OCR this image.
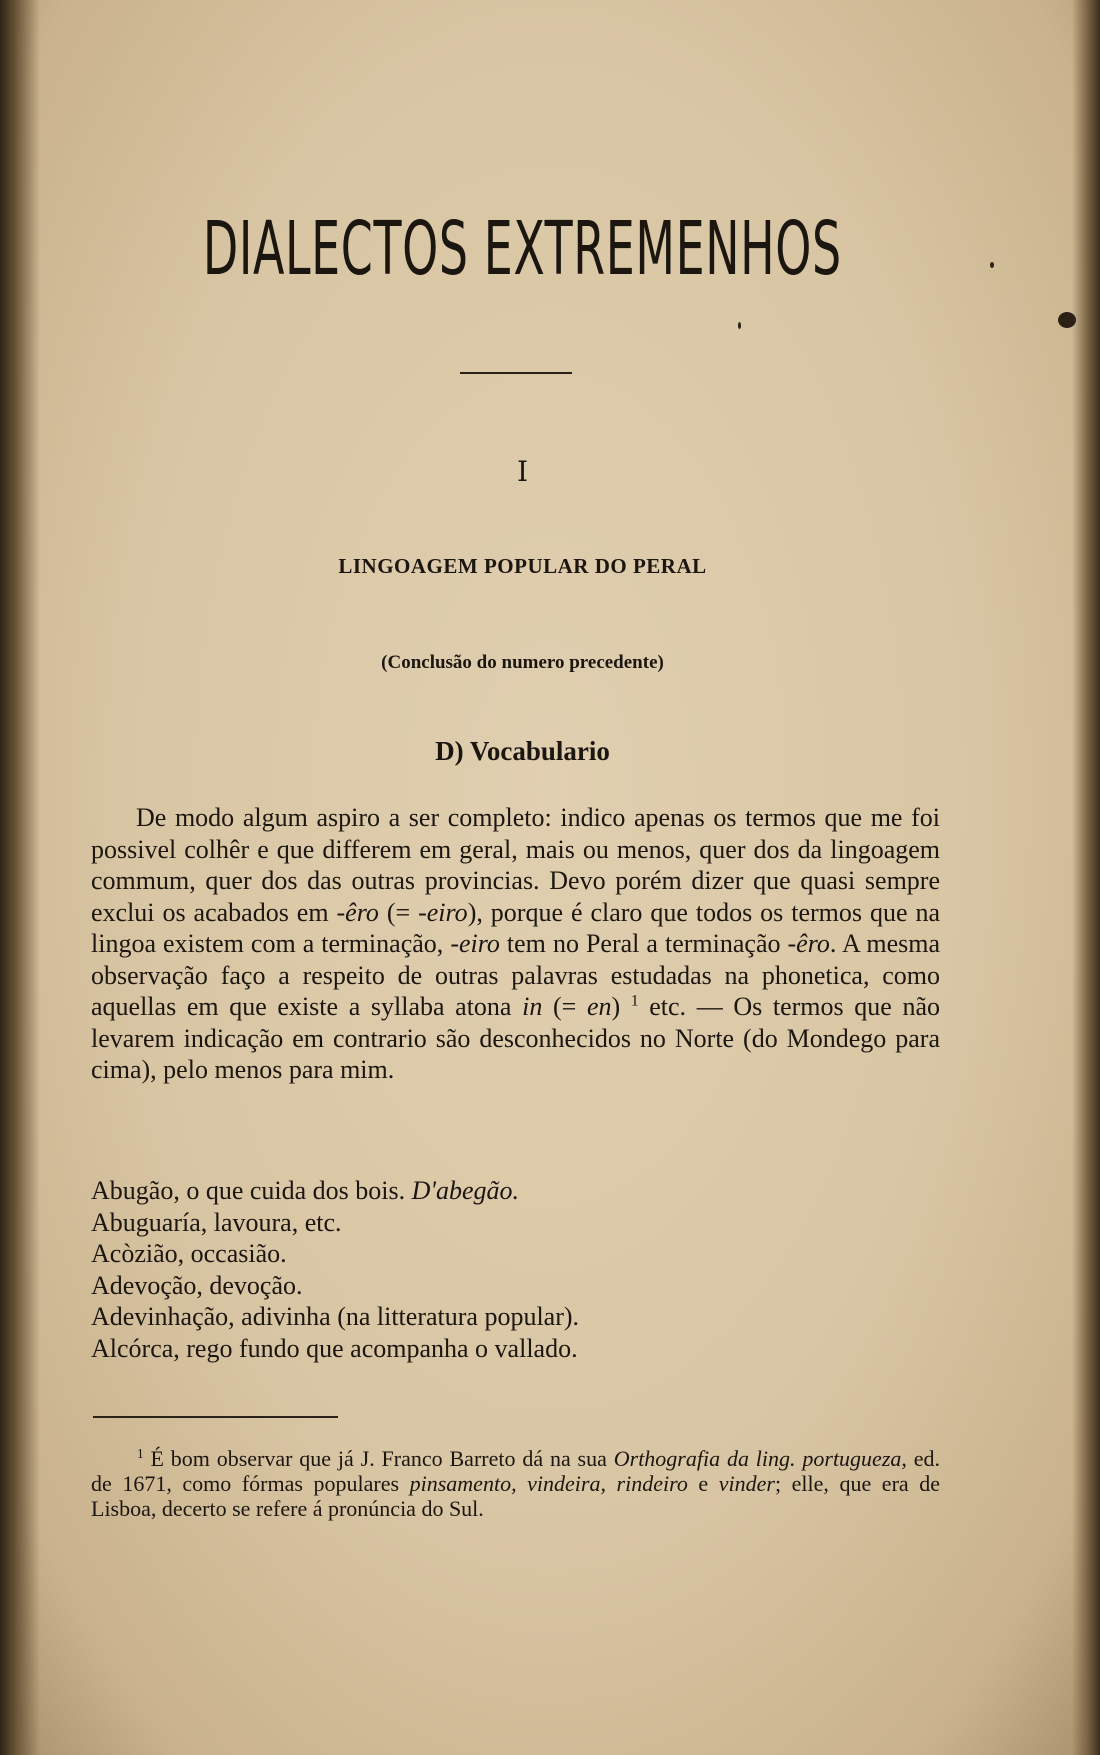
DIALECTOS EXTREMENHOS
I
LINGOAGEM POPULAR DO PERAL
(Conclusão do numero precedente)
D) Vocabulario
De modo algum aspiro a ser completo: indico apenas os termos que me foi possivel colhêr e que differem em geral, mais ou menos, quer dos da lingoagem commum, quer dos das outras provincias. Devo porém dizer que quasi sempre exclui os acabados em -êro (= -eiro), porque é claro que todos os termos que na lingoa existem com a terminação, -eiro tem no Peral a terminação -êro. A mesma observação faço a respeito de outras palavras estudadas na phonetica, como aquellas em que existe a syllaba atona in (= en) $^1$ etc. — Os termos que não levarem indicação em contrario são desconhecidos no Norte (do Mondego para cima), pelo menos para mim.
Abugão, o que cuida dos bois. D'abegão.
Abuguaría, lavoura, etc.
Acòzião, occasião.
Adevoção, devoção.
Adevinhação, adivinha (na litteratura popular).
Alcórca, rego fundo que acompanha o vallado.
$^1$ É bom observar que já J. Franco Barreto dá na sua Orthografia da ling. portugueza, ed. de 1671, como fórmas populares pinsamento, vindeira, rindeiro e vinder; elle, que era de Lisboa, decerto se refere á pronúncia do Sul.
